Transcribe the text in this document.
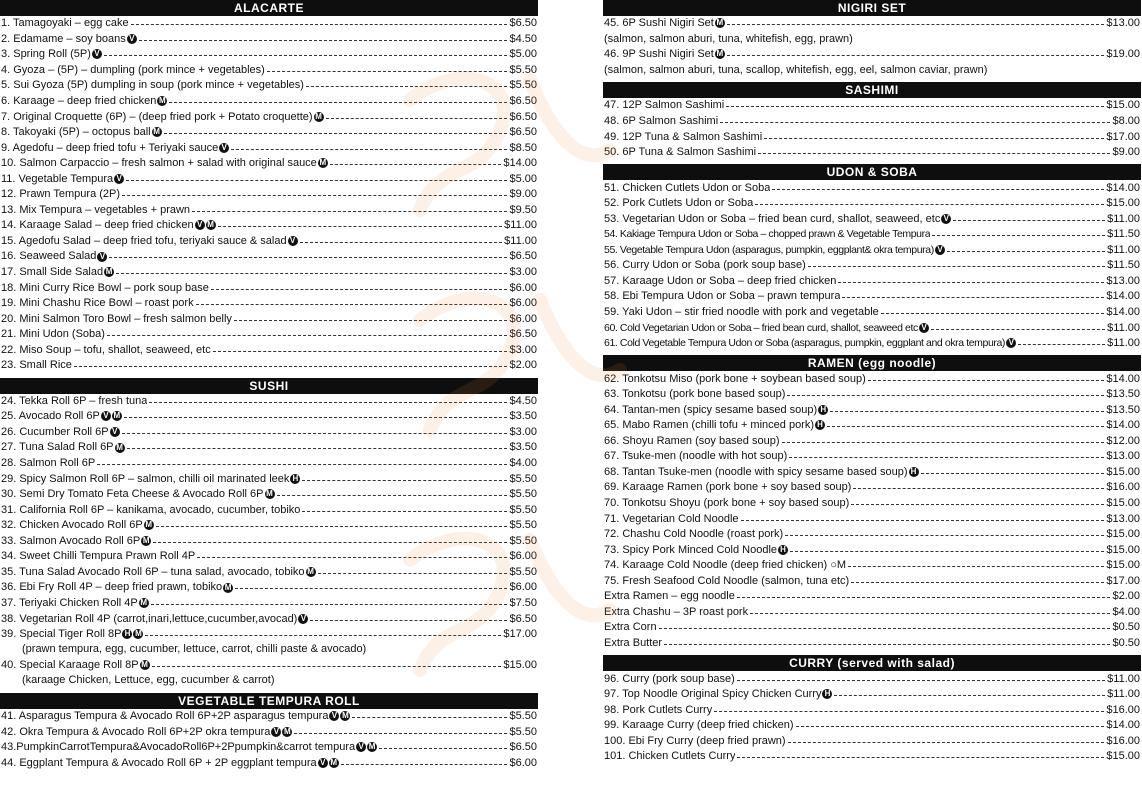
ALACARTE
1. Tamagoyaki – egg cake	$6.50
2. Edamame – soy boans V	$4.50
3. Spring Roll (5P) V	$5.00
4. Gyoza – (5P) – dumpling (pork mince + vegetables)	$5.50
5. Sui Gyoza (5P) dumpling in soup (pork mince + vegetables)	$5.50
6. Karaage – deep fried chicken M	$6.50
7. Original Croquette (6P) – (deep fried pork + Potato croquette) M	$6.50
8. Takoyaki (5P) – octopus ball M	$6.50
9. Agedofu – deep fried tofu + Teriyaki sauce V	$8.50
10. Salmon Carpaccio – fresh salmon + salad with original sauce M	$14.00
11. Vegetable Tempura V	$5.00
12. Prawn Tempura (2P)	$9.00
13. Mix Tempura – vegetables + prawn	$9.50
14. Karaage Salad – deep fried chicken V M	$11.00
15. Agedofu Salad – deep fried tofu, teriyaki sauce & salad V	$11.00
16. Seaweed Salad V	$6.50
17. Small Side Salad M	$3.00
18. Mini Curry Rice Bowl – pork soup base	$6.00
19. Mini Chashu Rice Bowl – roast pork	$6.00
20. Mini Salmon Toro Bowl – fresh salmon belly	$6.00
21. Mini Udon (Soba)	$6.50
22. Miso Soup – tofu, shallot, seaweed, etc	$3.00
23. Small Rice	$2.00
SUSHI
24. Tekka Roll 6P – fresh tuna	$4.50
25. Avocado Roll 6P V M	$3.50
26. Cucumber Roll 6P V	$3.00
27. Tuna Salad Roll 6P M	$3.50
28. Salmon Roll 6P	$4.00
29. Spicy Salmon Roll 6P – salmon, chilli oil marinated leek H	$5.50
30. Semi Dry Tomato Feta Cheese & Avocado Roll 6P M	$5.50
31. California Roll 6P – kanikama, avocado, cucumber, tobiko	$5.50
32. Chicken Avocado Roll 6P M	$5.50
33. Salmon Avocado Roll 6P M	$5.50
34. Sweet Chilli Tempura Prawn Roll 4P	$6.00
35. Tuna Salad Avocado Roll 6P – tuna salad, avocado, tobiko M	$5.50
36. Ebi Fry Roll 4P – deep fried prawn, tobiko M	$6.00
37. Teriyaki Chicken Roll 4P M	$7.50
38. Vegetarian Roll 4P (carrot,inari,lettuce,cucumber,avocad) V	$6.50
39. Special Tiger Roll 8P H M	$17.00
(prawn tempura, egg, cucumber, lettuce, carrot, chilli paste & avocado)
40. Special Karaage Roll 8P M	$15.00
(karaage Chicken, Lettuce, egg, cucumber & carrot)
VEGETABLE TEMPURA ROLL
41. Asparagus Tempura & Avocado Roll 6P+2P asparagus tempura V M	$5.50
42. Okra Tempura & Avocado Roll 6P+2P okra tempura V M	$5.50
43.PumpkinCarrotTempura&AvocadoRoll6P+2Ppumpkin&carrot tempura V M	$6.50
44. Eggplant Tempura & Avocado Roll 6P + 2P eggplant tempura V M	$6.00
NIGIRI SET
45. 6P Sushi Nigiri Set M	$13.00
(salmon, salmon aburi, tuna, whitefish, egg, prawn)
46. 9P Sushi Nigiri Set M	$19.00
(salmon, salmon aburi, tuna, scallop, whitefish, egg, eel, salmon caviar, prawn)
SASHIMI
47. 12P Salmon Sashimi	$15.00
48. 6P Salmon Sashimi	$8.00
49. 12P Tuna & Salmon Sashimi	$17.00
50. 6P Tuna & Salmon Sashimi	$9.00
UDON & SOBA
51. Chicken Cutlets Udon or Soba	$14.00
52. Pork Cutlets Udon or Soba	$15.00
53. Vegetarian Udon or Soba – fried bean curd, shallot, seaweed, etc V	$11.00
54. Kakiage Tempura Udon or Soba – chopped prawn & Vegetable Tempura	$11.50
55. Vegetable Tempura Udon (asparagus, pumpkin, eggplant& okra tempura) V	$11.00
56. Curry Udon or Soba (pork soup base)	$11.50
57. Karaage Udon or Soba – deep fried chicken	$13.00
58. Ebi Tempura Udon or Soba – prawn tempura	$14.00
59. Yaki Udon – stir fried noodle with pork and vegetable	$14.00
60. Cold Vegetarian Udon or Soba – fried bean curd, shallot, seaweed etc V	$11.00
61. Cold Vegetable Tempura Udon or Soba (asparagus, pumpkin, eggplant and okra tempura) V	$11.00
RAMEN (egg noodle)
62. Tonkotsu Miso (pork bone + soybean based soup)	$14.00
63. Tonkotsu (pork bone based soup)	$13.50
64. Tantan-men (spicy sesame based soup) H	$13.50
65. Mabo Ramen (chilli tofu + minced pork) H	$14.00
66. Shoyu Ramen (soy based soup)	$12.00
67. Tsuke-men (noodle with hot soup)	$13.00
68. Tantan Tsuke-men (noodle with spicy sesame based soup) H	$15.00
69. Karaage Ramen (pork bone + soy based soup)	$16.00
70. Tonkotsu Shoyu (pork bone + soy based soup)	$15.00
71. Vegetarian Cold Noodle	$13.00
72. Chashu Cold Noodle (roast pork)	$15.00
73. Spicy Pork Minced Cold Noodle H	$15.00
74. Karaage Cold Noodle (deep fried chicken) ○M	$15.00
75. Fresh Seafood Cold Noodle (salmon, tuna etc)	$17.00
Extra Ramen – egg noodle	$2.00
Extra Chashu – 3P roast pork	$4.00
Extra Corn	$0.50
Extra Butter	$0.50
CURRY (served with salad)
96. Curry (pork soup base)	$11.00
97. Top Noodle Original Spicy Chicken Curry H	$11.00
98. Pork Cutlets Curry	$16.00
99. Karaage Curry (deep fried chicken)	$14.00
100. Ebi Fry Curry (deep fried prawn)	$16.00
101. Chicken Cutlets Curry	$15.00
